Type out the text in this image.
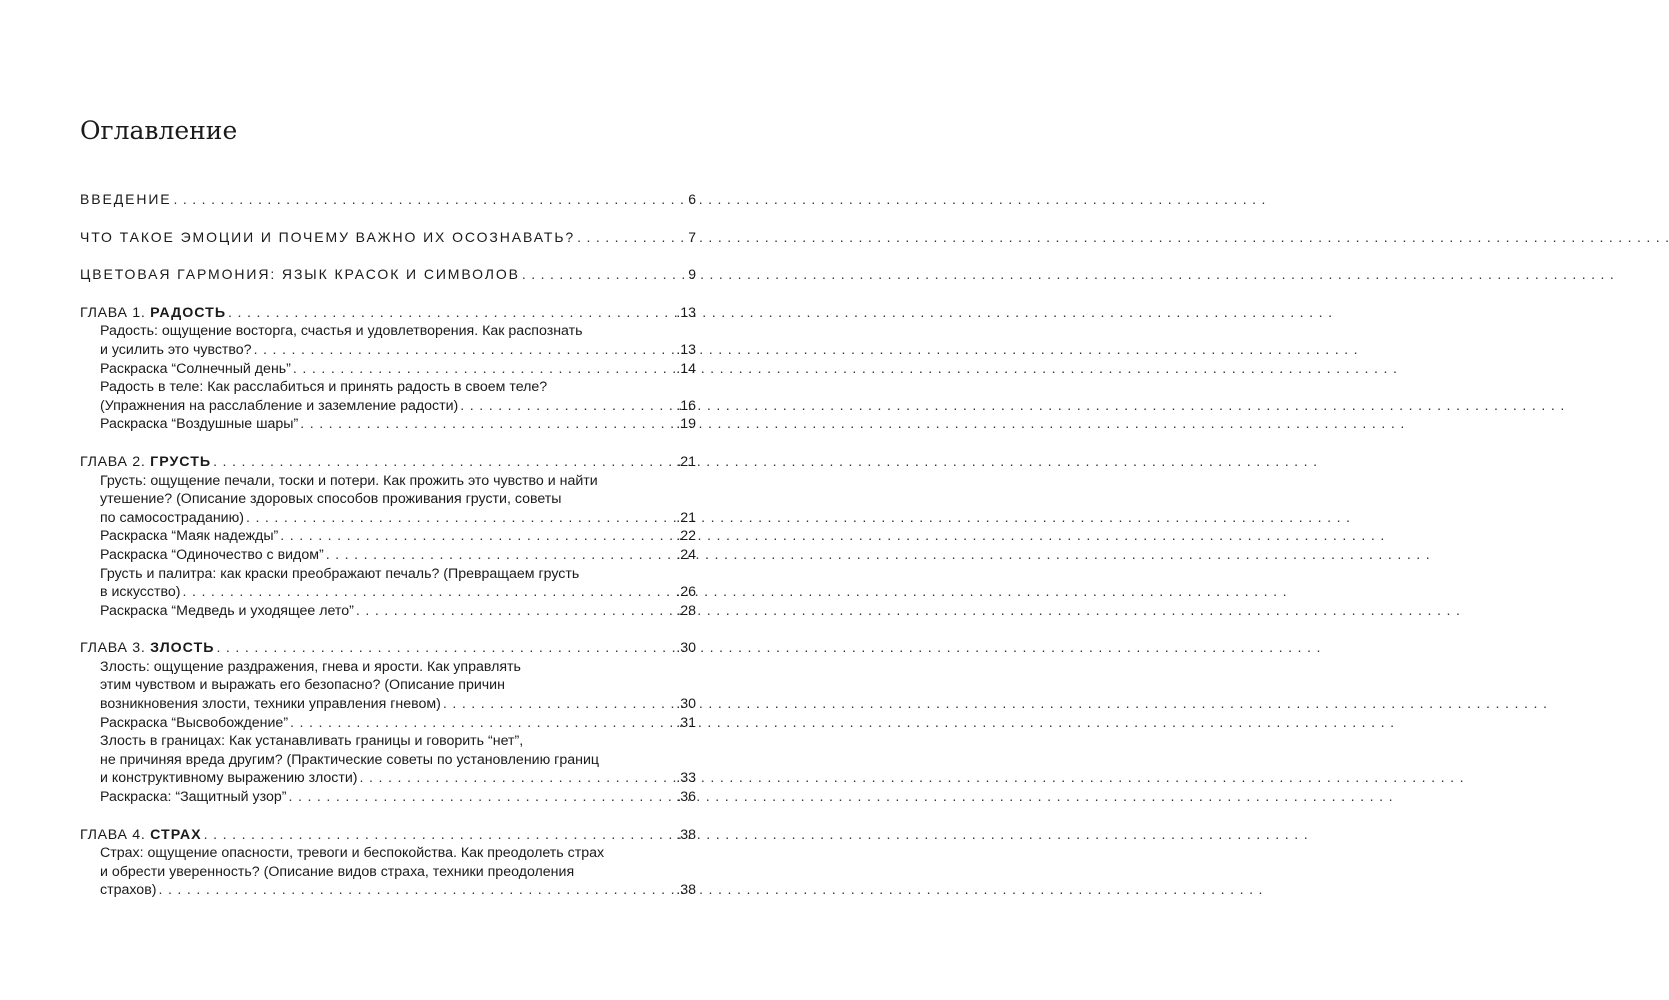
Оглавление
ВВЕДЕНИЕ . . .	6
ЧТО ТАКОЕ ЭМОЦИИ И ПОЧЕМУ ВАЖНО ИХ ОСОЗНАВАТЬ? . . .	7
ЦВЕТОВАЯ ГАРМОНИЯ: ЯЗЫК КРАСОК И СИМВОЛОВ . . .	9
ГЛАВА 1. РАДОСТЬ . . .	.13
Радость: ощущение восторга, счастья и удовлетворения. Как распознать
и усилить это чувство? . . .	.13
Раскраска “Солнечный день” . . .	.14
Радость в теле: Как расслабиться и принять радость в своем теле?
(Упражнения на расслабление и заземление радости) . . .	.16
Раскраска “Воздушные шары” . . .	.19
ГЛАВА 2. ГРУСТЬ . . .	.21
Грусть: ощущение печали, тоски и потери. Как прожить это чувство и найти
утешение? (Описание здоровых способов проживания грусти, советы
по самосостраданию) . . .	.21
Раскраска “Маяк надежды” . . .	.22
Раскраска “Одиночество с видом” . . .	.24
Грусть и палитра: как краски преображают печаль? (Превращаем грусть
в искусство) . . .	.26
Раскраска “Медведь и уходящее лето” . . .	.28
ГЛАВА 3. ЗЛОСТЬ . . .	.30
Злость: ощущение раздражения, гнева и ярости. Как управлять
этим чувством и выражать его безопасно? (Описание причин
возникновения злости, техники управления гневом) . . .	.30
Раскраска “Высвобождение” . . .	.31
Злость в границах: Как устанавливать границы и говорить “нет”,
не причиняя вреда другим? (Практические советы по установлению границ
и конструктивному выражению злости) . . .	.33
Раскраска: “Защитный узор” . . .	.36
ГЛАВА 4. СТРАХ . . .	.38
Страх: ощущение опасности, тревоги и беспокойства. Как преодолеть страх
и обрести уверенность? (Описание видов страха, техники преодоления
страхов) . . .	.38
